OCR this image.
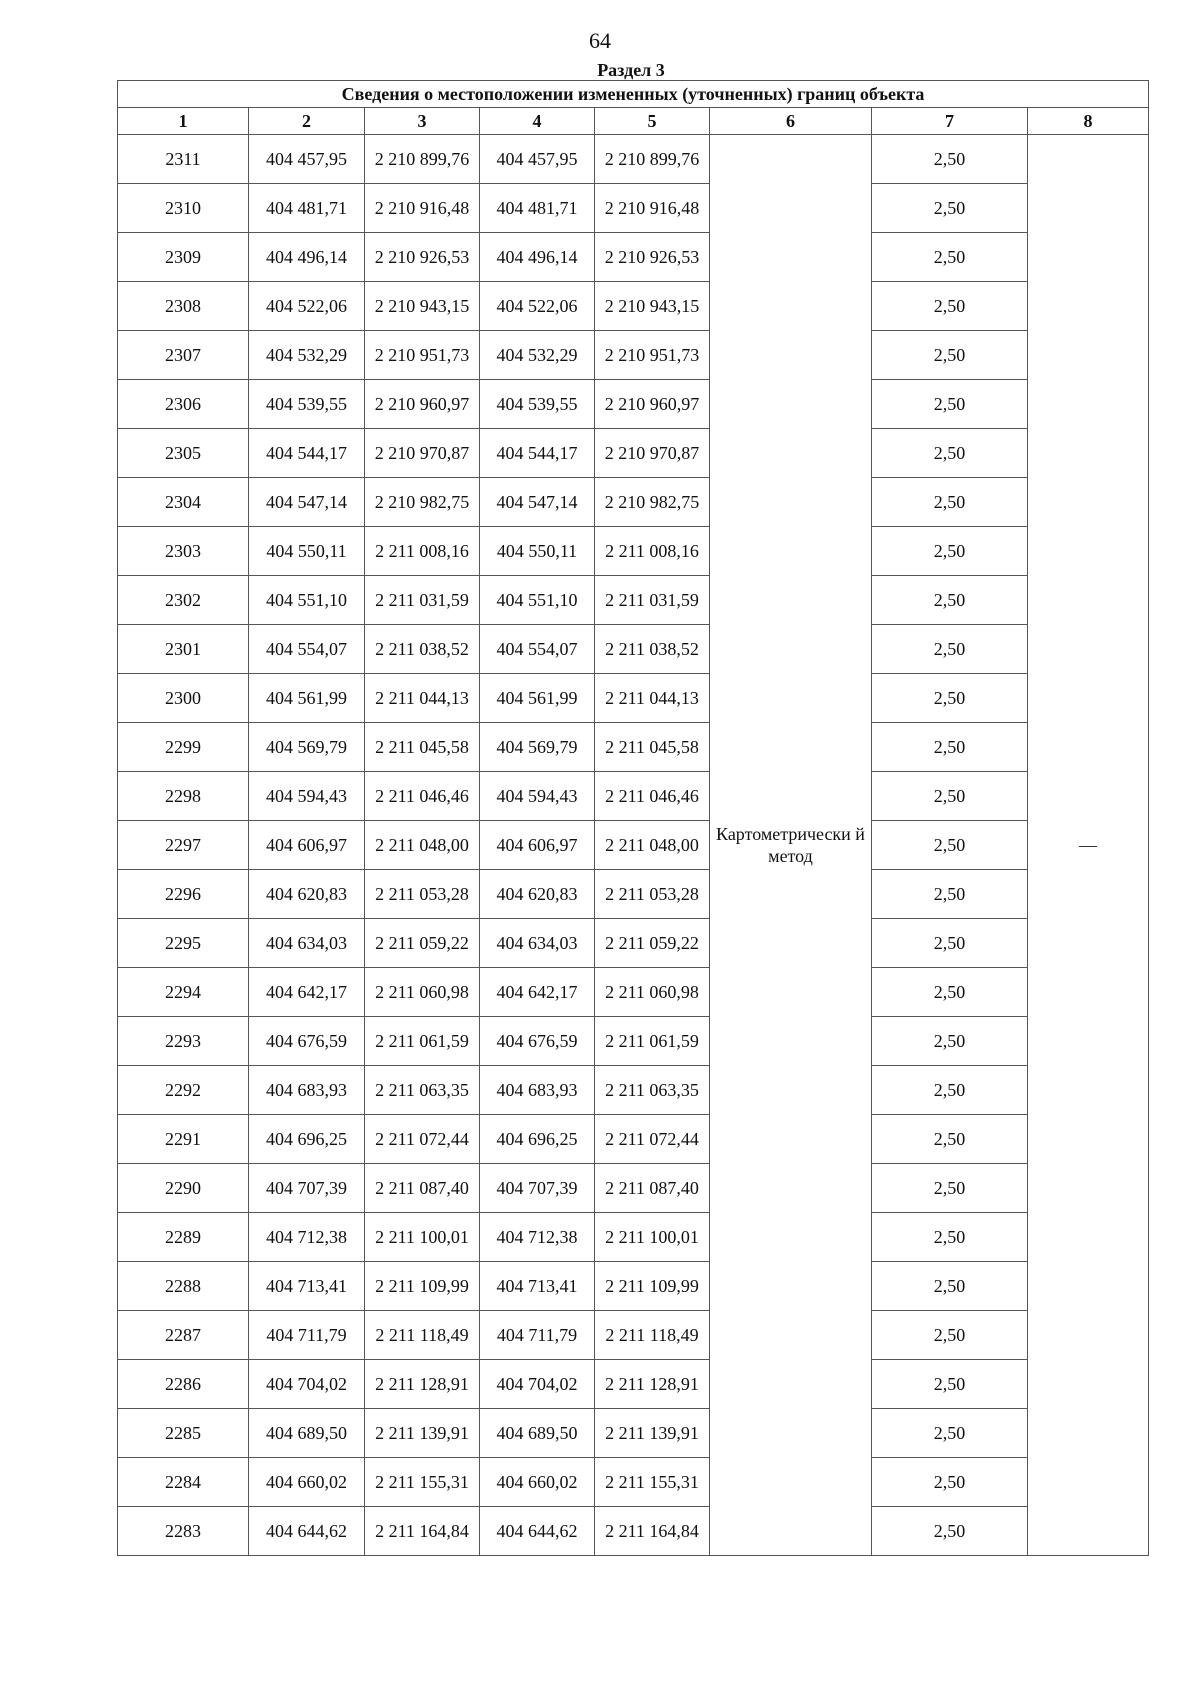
64
Раздел 3
Сведения о местоположении измененных (уточненных) границ объекта							
1	2	3	4	5	6	7	8
2311	404 457,95	2 210 899,76	404 457,95	2 210 899,76	Картометрически й метод	2,50	—
2310	404 481,71	2 210 916,48	404 481,71	2 210 916,48		2,50	
2309	404 496,14	2 210 926,53	404 496,14	2 210 926,53		2,50	
2308	404 522,06	2 210 943,15	404 522,06	2 210 943,15		2,50	
2307	404 532,29	2 210 951,73	404 532,29	2 210 951,73		2,50	
2306	404 539,55	2 210 960,97	404 539,55	2 210 960,97		2,50	
2305	404 544,17	2 210 970,87	404 544,17	2 210 970,87		2,50	
2304	404 547,14	2 210 982,75	404 547,14	2 210 982,75		2,50	
2303	404 550,11	2 211 008,16	404 550,11	2 211 008,16		2,50	
2302	404 551,10	2 211 031,59	404 551,10	2 211 031,59		2,50	
2301	404 554,07	2 211 038,52	404 554,07	2 211 038,52		2,50	
2300	404 561,99	2 211 044,13	404 561,99	2 211 044,13		2,50	
2299	404 569,79	2 211 045,58	404 569,79	2 211 045,58		2,50	
2298	404 594,43	2 211 046,46	404 594,43	2 211 046,46		2,50	
2297	404 606,97	2 211 048,00	404 606,97	2 211 048,00		2,50	
2296	404 620,83	2 211 053,28	404 620,83	2 211 053,28		2,50	
2295	404 634,03	2 211 059,22	404 634,03	2 211 059,22		2,50	
2294	404 642,17	2 211 060,98	404 642,17	2 211 060,98		2,50	
2293	404 676,59	2 211 061,59	404 676,59	2 211 061,59		2,50	
2292	404 683,93	2 211 063,35	404 683,93	2 211 063,35		2,50	
2291	404 696,25	2 211 072,44	404 696,25	2 211 072,44		2,50	
2290	404 707,39	2 211 087,40	404 707,39	2 211 087,40		2,50	
2289	404 712,38	2 211 100,01	404 712,38	2 211 100,01		2,50	
2288	404 713,41	2 211 109,99	404 713,41	2 211 109,99		2,50	
2287	404 711,79	2 211 118,49	404 711,79	2 211 118,49		2,50	
2286	404 704,02	2 211 128,91	404 704,02	2 211 128,91		2,50	
2285	404 689,50	2 211 139,91	404 689,50	2 211 139,91		2,50	
2284	404 660,02	2 211 155,31	404 660,02	2 211 155,31		2,50	
2283	404 644,62	2 211 164,84	404 644,62	2 211 164,84		2,50	
